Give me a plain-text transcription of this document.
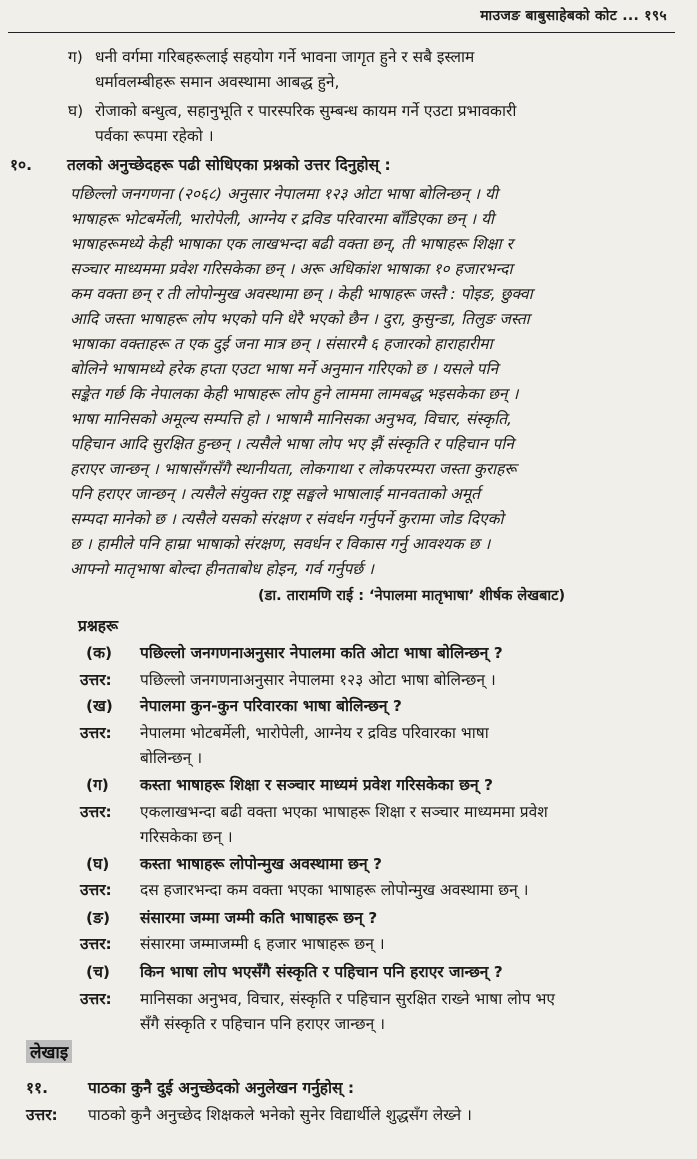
माउजङ बाबुसाहेबको कोट ... १९५
ग) धनी वर्गमा गरिबहरूलाई सहयोग गर्ने भावना जागृत हुने र सबै इस्लाम
धर्मावलम्बीहरू समान अवस्थामा आबद्ध हुने,
घ) रोजाको बन्धुत्व, सहानुभूति र पारस्परिक सुम्बन्ध कायम गर्ने एउटा प्रभावकारी
पर्वका रूपमा रहेको ।
१०. तलको अनुच्छेदहरू पढी सोधिएका प्रश्नको उत्तर दिनुहोस् :
पछिल्लो जनगणना (२०६८) अनुसार नेपालमा १२३ ओटा भाषा बोलिन्छन् । यी
भाषाहरू भोटबर्मेली, भारोपेली, आग्नेय र द्रविड परिवारमा बाँडिएका छन् । यी
भाषाहरूमध्ये केही भाषाका एक लाखभन्दा बढी वक्ता छन्, ती भाषाहरू शिक्षा र
सञ्चार माध्यममा प्रवेश गरिसकेका छन् । अरू अधिकांश भाषाका १० हजारभन्दा
कम वक्ता छन् र ती लोपोन्मुख अवस्थामा छन् । केही भाषाहरू जस्तै : पोइङ, छुक्वा
आदि जस्ता भाषाहरू लोप भएको पनि धेरै भएको छैन । दुरा, कुसुन्डा, तिलुङ जस्ता
भाषाका वक्ताहरू त एक दुई जना मात्र छन् । संसारमै ६ हजारको हाराहारीमा
बोलिने भाषामध्ये हरेक हप्ता एउटा भाषा मर्ने अनुमान गरिएको छ । यसले पनि
सङ्केत गर्छ कि नेपालका केही भाषाहरू लोप हुने लाममा लामबद्ध भइसकेका छन् ।
भाषा मानिसको अमूल्य सम्पत्ति हो । भाषामै मानिसका अनुभव, विचार, संस्कृति,
पहिचान आदि सुरक्षित हुन्छन् । त्यसैले भाषा लोप भए झैं संस्कृति र पहिचान पनि
हराएर जान्छन् । भाषासँगसँगै स्थानीयता, लोकगाथा र लोकपरम्परा जस्ता कुराहरू
पनि हराएर जान्छन् । त्यसैले संयुक्त राष्ट्र सङ्घले भाषालाई मानवताको अमूर्त
सम्पदा मानेको छ । त्यसैले यसको संरक्षण र संवर्धन गर्नुपर्ने कुरामा जोड दिएको
छ । हामीले पनि हाम्रा भाषाको संरक्षण, सवर्धन र विकास गर्नु आवश्यक छ ।
आफ्नो मातृभाषा बोल्दा हीनताबोध होइन, गर्व गर्नुपर्छ ।
(डा. तारामणि राई : ‘नेपालमा मातृभाषा’ शीर्षक लेखबाट)
प्रश्नहरू
(क) पछिल्लो जनगणनाअनुसार नेपालमा कति ओटा भाषा बोलिन्छन् ?
उत्तर: पछिल्लो जनगणनाअनुसार नेपालमा १२३ ओटा भाषा बोलिन्छन् ।
(ख) नेपालमा कुन-कुन परिवारका भाषा बोलिन्छन् ?
उत्तर: नेपालमा भोटबर्मेली, भारोपेली, आग्नेय र द्रविड परिवारका भाषा
बोलिन्छन् ।
(ग) कस्ता भाषाहरू शिक्षा र सञ्चार माध्यमं प्रवेश गरिसकेका छन् ?
उत्तर: एकलाखभन्दा बढी वक्ता भएका भाषाहरू शिक्षा र सञ्चार माध्यममा प्रवेश
गरिसकेका छन् ।
(घ) कस्ता भाषाहरू लोपोन्मुख अवस्थामा छन् ?
उत्तर: दस हजारभन्दा कम वक्ता भएका भाषाहरू लोपोन्मुख अवस्थामा छन् ।
(ङ) संसारमा जम्मा जम्मी कति भाषाहरू छन् ?
उत्तर: संसारमा जम्माजम्मी ६ हजार भाषाहरू छन् ।
(च) किन भाषा लोप भएसँगै संस्कृति र पहिचान पनि हराएर जान्छन् ?
उत्तर: मानिसका अनुभव, विचार, संस्कृति र पहिचान सुरक्षित राख्ने भाषा लोप भए
सँगै संस्कृति र पहिचान पनि हराएर जान्छन् ।
लेखाइ
११.	पाठका कुनै दुई अनुच्छेदको अनुलेखन गर्नुहोस् :
उत्तर: पाठको कुनै अनुच्छेद शिक्षकले भनेको सुनेर विद्यार्थीले शुद्धसँग लेख्ने ।
